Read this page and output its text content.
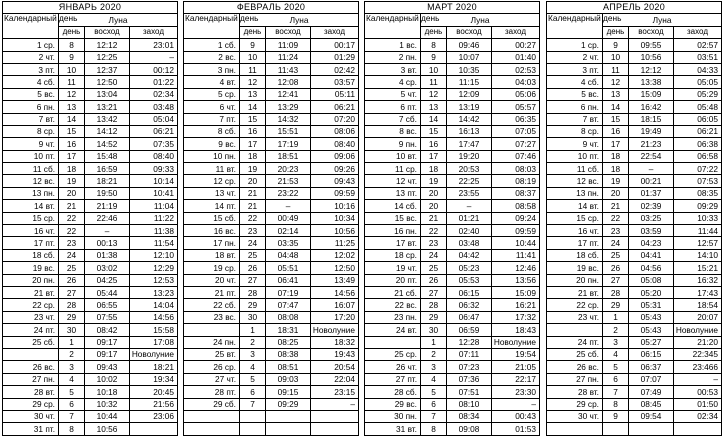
ЯНВАРЬ 2020			
Календарный день	Луна		
	день	восход	заход
1 ср.	8	12:12	23:01
2 чт.	9	12:25	–
3 пт.	10	12:37	00:12
4 сб.	11	12:50	01:22
5 вс.	12	13:04	02:34
6 пн.	13	13:21	03:48
7 вт.	14	13:42	05:04
8 ср.	15	14:12	06:21
9 чт.	16	14:52	07:35
10 пт.	17	15:48	08:40
11 сб.	18	16:59	09:33
12 вс.	19	18:21	10:14
13 пн.	20	19:50	10:41
14 вт.	21	21:19	11:04
15 ср.	22	22:46	11:22
16 чт.	22	–	11:38
17 пт.	23	00:13	11:54
18 сб.	24	01:38	12:10
19 вс.	25	03:02	12:29
20 пн.	26	04:25	12:53
21 вт.	27	05:44	13:23
22 ср.	28	06:55	14:04
23 чт.	29	07:55	14:56
24 пт.	30	08:42	15:58
25 сб.	1	09:17	17:08
	2	09:17	Новолуние
26 вс.	3	09:43	18:21
27 пн.	4	10:02	19:34
28 вт.	5	10:18	20:45
29 ср.	6	10:32	21:56
30 чт.	7	10:44	23:06
31 пт.	8	10:56	
ФЕВРАЛЬ 2020			
Календарный день	Луна		
	день	восход	заход
1 сб.	9	11:09	00:17
2 вс.	10	11:24	01:29
3 пн.	11	11:43	02:42
4 вт.	12	12:08	03:57
5 ср.	13	12:41	05:11
6 чт.	14	13:29	06:21
7 пт.	15	14:32	07:20
8 сб.	16	15:51	08:06
9 вс.	17	17:19	08:40
10 пн.	18	18:51	09:06
11 вт.	19	20:23	09:26
12 ср.	20	21:53	09:43
13 чт.	21	23:22	09:59
14 пт.	21	–	10:16
15 сб.	22	00:49	10:34
16 вс.	23	02:14	10:56
17 пн.	24	03:35	11:25
18 вт.	25	04:48	12:02
19 ср.	26	05:51	12:50
20 чт.	27	06:41	13:49
21 пт.	28	07:19	14:56
22 сб.	29	07:47	16:07
23 вс.	30	08:08	17:20
	1	18:31	Новолуние
24 пн.	2	08:25	18:32
25 вт.	3	08:38	19:43
26 ср.	4	08:51	20:54
27 чт.	5	09:03	22:04
28 пт.	6	09:15	23:15
29 сб.	7	09:29	–

МАРТ 2020			
Календарный день	Луна		
	день	восход	заход
1 вс.	8	09:46	00:27
2 пн.	9	10:07	01:40
3 вт.	10	10:35	02:53
4 ср.	11	11:15	04:03
5 чт.	12	12:09	05:06
6 пт.	13	13:19	05:57
7 сб.	14	14:42	06:35
8 вс.	15	16:13	07:05
9 пн.	16	17:47	07:27
10 вт.	17	19:20	07:46
11 ср.	18	20:53	08:03
12 чт.	19	22:25	08:19
13 пт.	20	23:55	08:37
14 сб.	20	–	08:58
15 вс.	21	01:21	09:24
16 пн.	22	02:40	09:59
17 вт.	23	03:48	10:44
18 ср.	24	04:42	11:41
19 чт.	25	05:23	12:46
20 пт.	26	05:53	13:56
21 сб.	27	06:15	15:09
22 вс.	28	06:32	16:21
23 пн.	29	06:47	17:32
24 вт.	30	06:59	18:43
	1	12:28	Новолуние
25 ср.	2	07:11	19:54
26 чт.	3	07:23	21:05
27 пт.	4	07:36	22:17
28 сб.	5	07:51	23:30
29 вс.	6	08:10	–
30 пн.	7	08:34	00:43
31 вт.	8	09:08	01:53
АПРЕЛЬ 2020			
Календарный день	Луна		
	день	восход	заход
1 ср.	9	09:55	02:57
2 чт.	10	10:56	03:51
3 пт.	11	12:12	04:33
4 сб.	12	13:38	05:05
5 вс.	13	15:09	05:29
6 пн.	14	16:42	05:48
7 вт.	15	18:15	06:05
8 ср.	16	19:49	06:21
9 чт.	17	21:23	06:38
10 пт.	18	22:54	06:58
11 сб.	18	–	07:22
12 вс.	19	00:21	07:53
13 пн.	20	01:37	08:35
14 вт.	21	02:39	09:29
15 ср.	22	03:25	10:33
16 чт.	23	03:59	11:44
17 пт.	24	04:23	12:57
18 сб.	25	04:41	14:10
19 вс.	26	04:56	15:21
20 пн.	27	05:08	16:32
21 вт.	28	05:20	17:43
22 ср.	29	05:31	18:54
23 чт.	1	05:43	20:07
	2	05:43	Новолуние
24 пт.	3	05:27	21:20
25 сб.	4	06:15	22:345
26 вс.	5	06:37	23:466
27 пн.	6	07:07	–
28 вт.	7	07:49	00:53
29 ср.	8	08:45	01:50
30 чт.	9	09:54	02:34
